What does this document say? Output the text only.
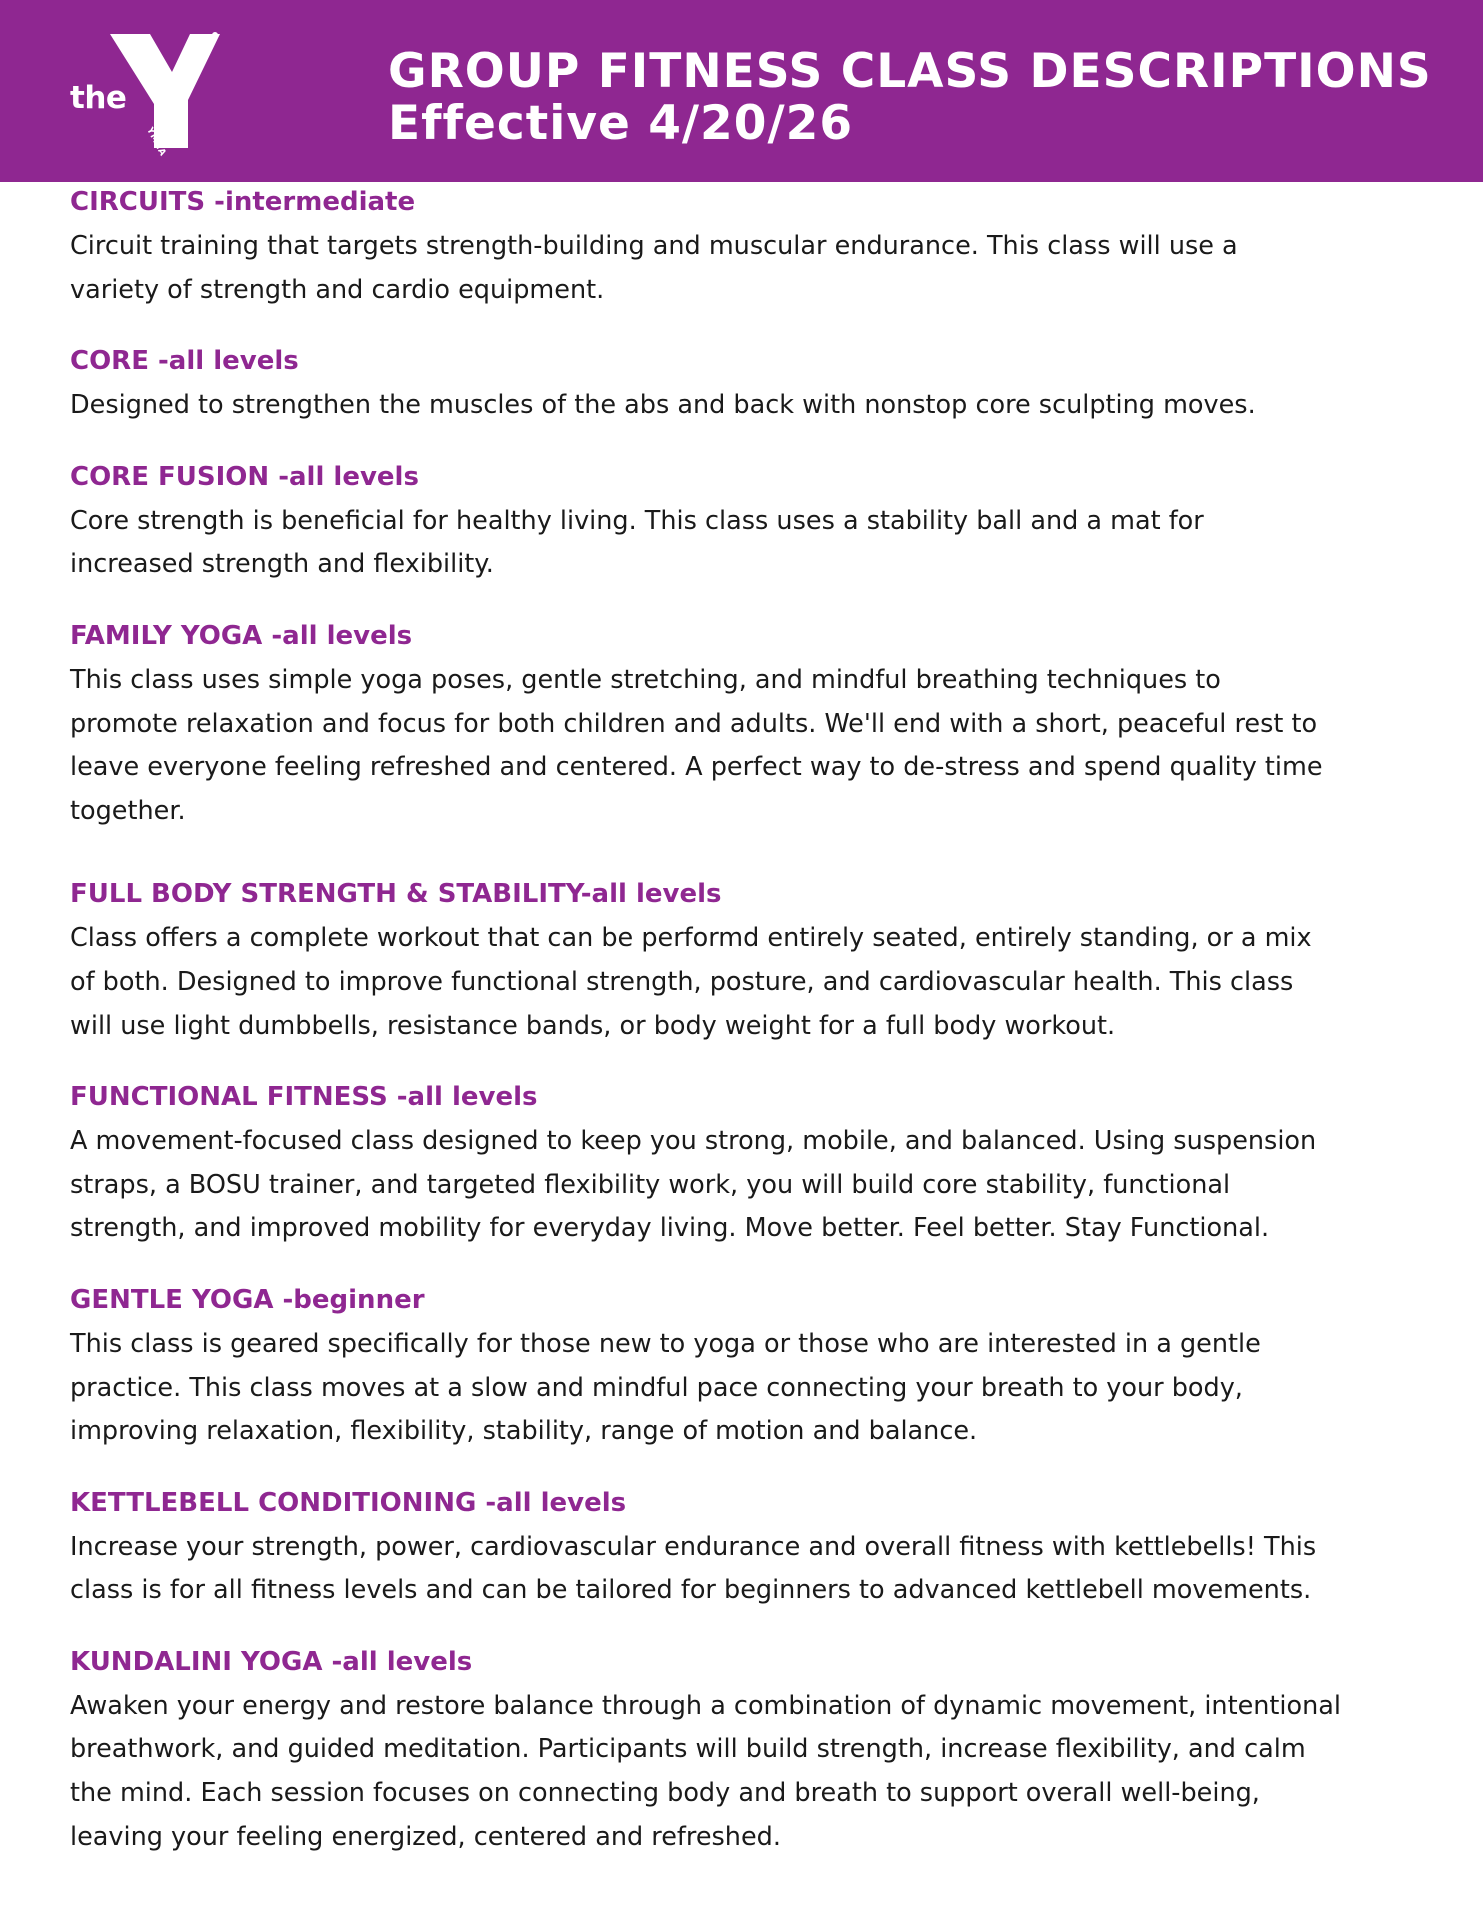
the
YMCA
GROUP FITNESS CLASS DESCRIPTIONS
Effective 4/20/26
CIRCUITS -intermediate
Circuit training that targets strength-building and muscular endurance. This class will use a
variety of strength and cardio equipment.
CORE -all levels
Designed to strengthen the muscles of the abs and back with nonstop core sculpting moves.
CORE FUSION -all levels
Core strength is beneficial for healthy living. This class uses a stability ball and a mat for
increased strength and flexibility.
FAMILY YOGA -all levels
This class uses simple yoga poses, gentle stretching, and mindful breathing techniques to
promote relaxation and focus for both children and adults. We'll end with a short, peaceful rest to
leave everyone feeling refreshed and centered. A perfect way to de-stress and spend quality time
together.
FULL BODY STRENGTH & STABILITY-all levels
Class offers a complete workout that can be performd entirely seated, entirely standing, or a mix
of both. Designed to improve functional strength, posture, and cardiovascular health. This class
will use light dumbbells, resistance bands, or body weight for a full body workout.
FUNCTIONAL FITNESS -all levels
A movement-focused class designed to keep you strong, mobile, and balanced. Using suspension
straps, a BOSU trainer, and targeted flexibility work, you will build core stability, functional
strength, and improved mobility for everyday living. Move better. Feel better. Stay Functional.
GENTLE YOGA -beginner
This class is geared specifically for those new to yoga or those who are interested in a gentle
practice. This class moves at a slow and mindful pace connecting your breath to your body,
improving relaxation, flexibility, stability, range of motion and balance.
KETTLEBELL CONDITIONING -all levels
Increase your strength, power, cardiovascular endurance and overall fitness with kettlebells! This
class is for all fitness levels and can be tailored for beginners to advanced kettlebell movements.
KUNDALINI YOGA -all levels
Awaken your energy and restore balance through a combination of dynamic movement, intentional
breathwork, and guided meditation. Participants will build strength, increase flexibility, and calm
the mind. Each session focuses on connecting body and breath to support overall well-being,
leaving your feeling energized, centered and refreshed.
